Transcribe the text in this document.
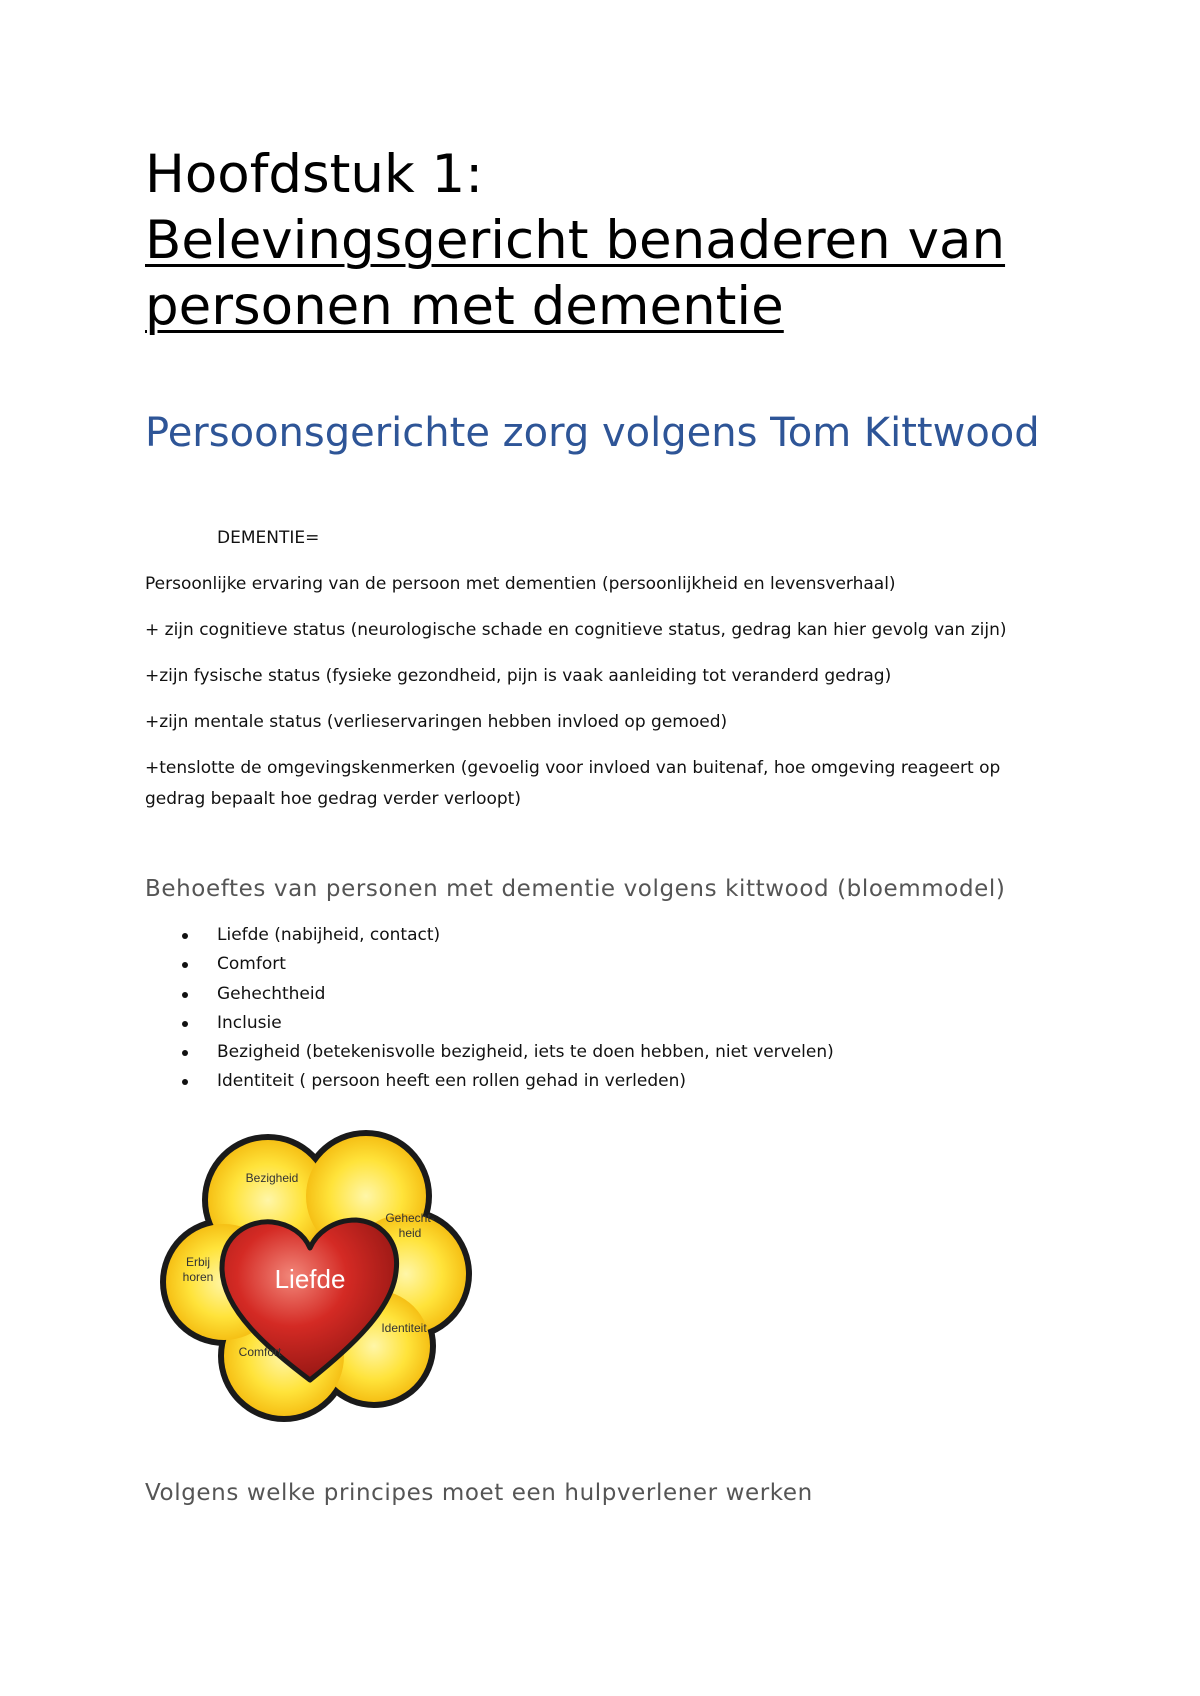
Hoofdstuk 1:
Belevingsgericht benaderen van
personen met dementie
Persoonsgerichte zorg volgens Tom Kittwood
DEMENTIE=
Persoonlijke ervaring van de persoon met dementien (persoonlijkheid en levensverhaal)
+ zijn cognitieve status (neurologische schade en cognitieve status, gedrag kan hier gevolg van zijn)
+zijn fysische status (fysieke gezondheid, pijn is vaak aanleiding tot veranderd gedrag)
+zijn mentale status (verlieservaringen hebben invloed op gemoed)
+tenslotte de omgevingskenmerken (gevoelig voor invloed van buitenaf, hoe omgeving reageert op
gedrag bepaalt hoe gedrag verder verloopt)
Behoeftes van personen met dementie volgens kittwood (bloemmodel)
Liefde (nabijheid, contact)
Comfort
Gehechtheid
Inclusie
Bezigheid (betekenisvolle bezigheid, iets te doen hebben, niet vervelen)
Identiteit ( persoon heeft een rollen gehad in verleden)
Liefde
Bezigheid
Gehecht-
heid
Erbij
horen
Identiteit
Comfort
Volgens welke principes moet een hulpverlener werken
